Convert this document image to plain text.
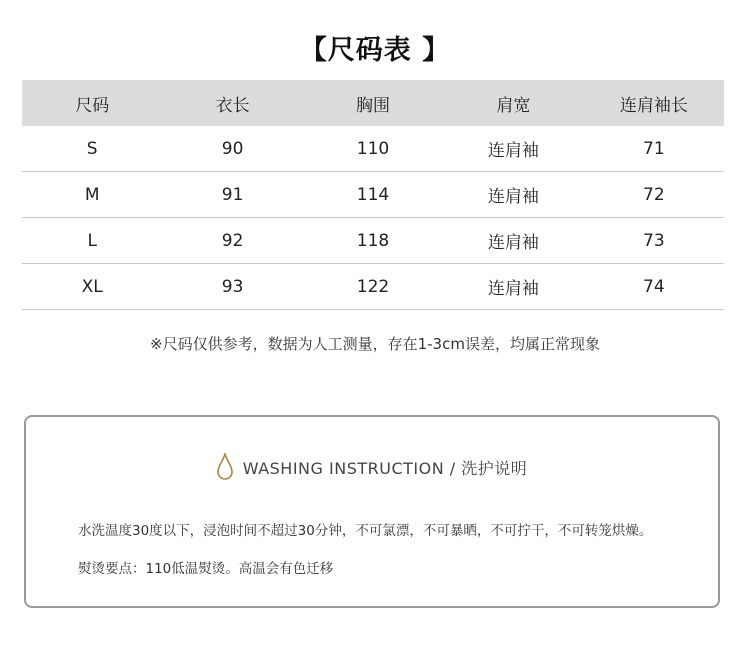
【尺码表 】
尺码	衣长	胸围	肩宽	连肩袖长
S	90	110	连肩袖	71
M	91	114	连肩袖	72
L	92	118	连肩袖	73
XL	93	122	连肩袖	74
※尺码仅供参考，数据为人工测量，存在1-3cm误差，均属正常现象
WASHING INSTRUCTION / 洗护说明
水洗温度30度以下，浸泡时间不超过30分钟，不可氯漂，不可暴晒，不可拧干，不可转笼烘燥。
熨烫要点：110低温熨烫。高温会有色迁移
